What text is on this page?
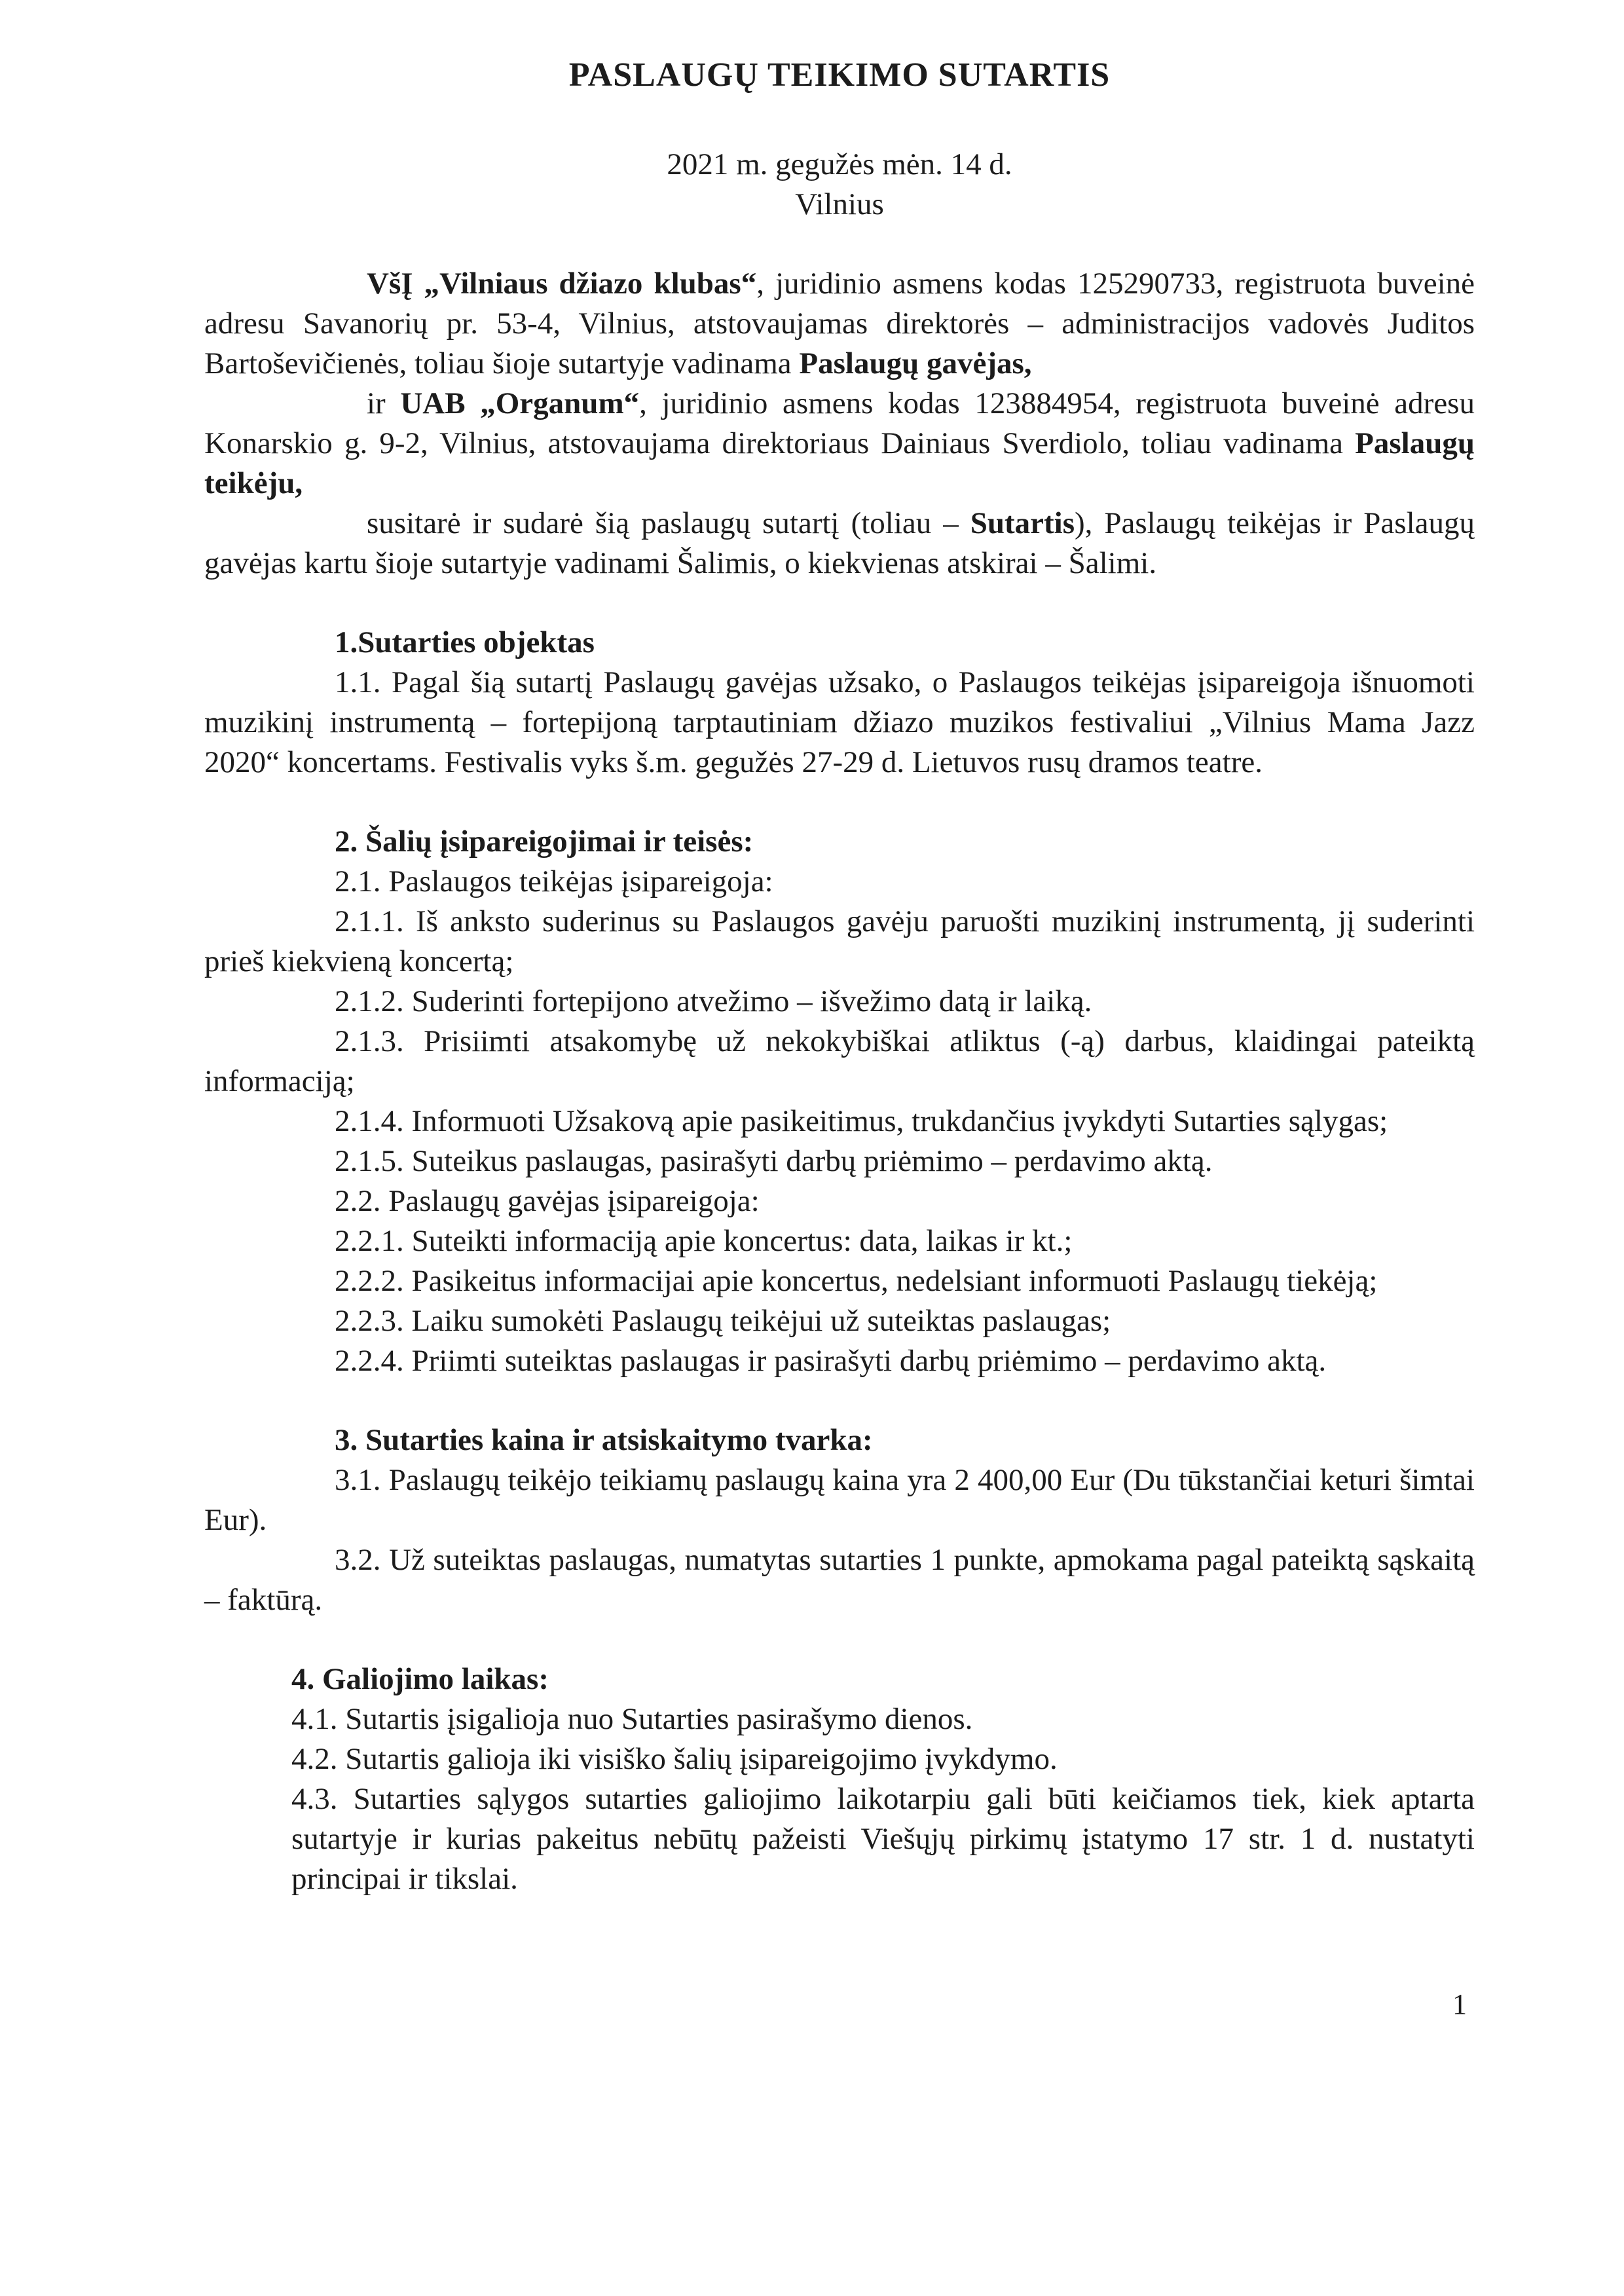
PASLAUGŲ TEIKIMO SUTARTIS

2021 m. gegužės mėn. 14 d.

Vilnius

VšĮ „Vilniaus džiazo klubas“, juridinio asmens kodas 125290733, registruota buveinė adresu Savanorių pr. 53-4, Vilnius, atstovaujamas direktorės – administracijos vadovės Juditos Bartoševičienės, toliau šioje sutartyje vadinama Paslaugų gavėjas,

ir UAB „Organum“, juridinio asmens kodas 123884954, registruota buveinė adresu Konarskio g. 9-2, Vilnius, atstovaujama direktoriaus Dainiaus Sverdiolo, toliau vadinama Paslaugų teikėju,

susitarė ir sudarė šią paslaugų sutartį (toliau – Sutartis), Paslaugų teikėjas ir Paslaugų gavėjas kartu šioje sutartyje vadinami Šalimis, o kiekvienas atskirai – Šalimi.

1.Sutarties objektas

1.1. Pagal šią sutartį Paslaugų gavėjas užsako, o Paslaugos teikėjas įsipareigoja išnuomoti muzikinį instrumentą – fortepijoną tarptautiniam džiazo muzikos festivaliui „Vilnius Mama Jazz 2020“ koncertams. Festivalis vyks š.m. gegužės 27-29 d. Lietuvos rusų dramos teatre.

2. Šalių įsipareigojimai ir teisės:

2.1. Paslaugos teikėjas įsipareigoja:

2.1.1. Iš anksto suderinus su Paslaugos gavėju paruošti muzikinį instrumentą, jį suderinti prieš kiekvieną koncertą;

2.1.2. Suderinti fortepijono atvežimo – išvežimo datą ir laiką.

2.1.3. Prisiimti atsakomybę už nekokybiškai atliktus (-ą) darbus, klaidingai pateiktą informaciją;

2.1.4. Informuoti Užsakovą apie pasikeitimus, trukdančius įvykdyti Sutarties sąlygas;

2.1.5. Suteikus paslaugas, pasirašyti darbų priėmimo – perdavimo aktą.

2.2. Paslaugų gavėjas įsipareigoja:

2.2.1. Suteikti informaciją apie koncertus: data, laikas ir kt.;

2.2.2. Pasikeitus informacijai apie koncertus, nedelsiant informuoti Paslaugų tiekėją;

2.2.3. Laiku sumokėti Paslaugų teikėjui už suteiktas paslaugas;

2.2.4. Priimti suteiktas paslaugas ir pasirašyti darbų priėmimo – perdavimo aktą.

3. Sutarties kaina ir atsiskaitymo tvarka:

3.1. Paslaugų teikėjo teikiamų paslaugų kaina yra 2 400,00 Eur (Du tūkstančiai keturi šimtai Eur).

3.2. Už suteiktas paslaugas, numatytas sutarties 1 punkte, apmokama pagal pateiktą sąskaitą – faktūrą.

4. Galiojimo laikas:

4.1. Sutartis įsigalioja nuo Sutarties pasirašymo dienos.

4.2. Sutartis galioja iki visiško šalių įsipareigojimo įvykdymo.

4.3. Sutarties sąlygos sutarties galiojimo laikotarpiu gali būti keičiamos tiek, kiek aptarta sutartyje ir kurias pakeitus nebūtų pažeisti Viešųjų pirkimų įstatymo 17 str. 1 d. nustatyti principai ir tikslai.

1
